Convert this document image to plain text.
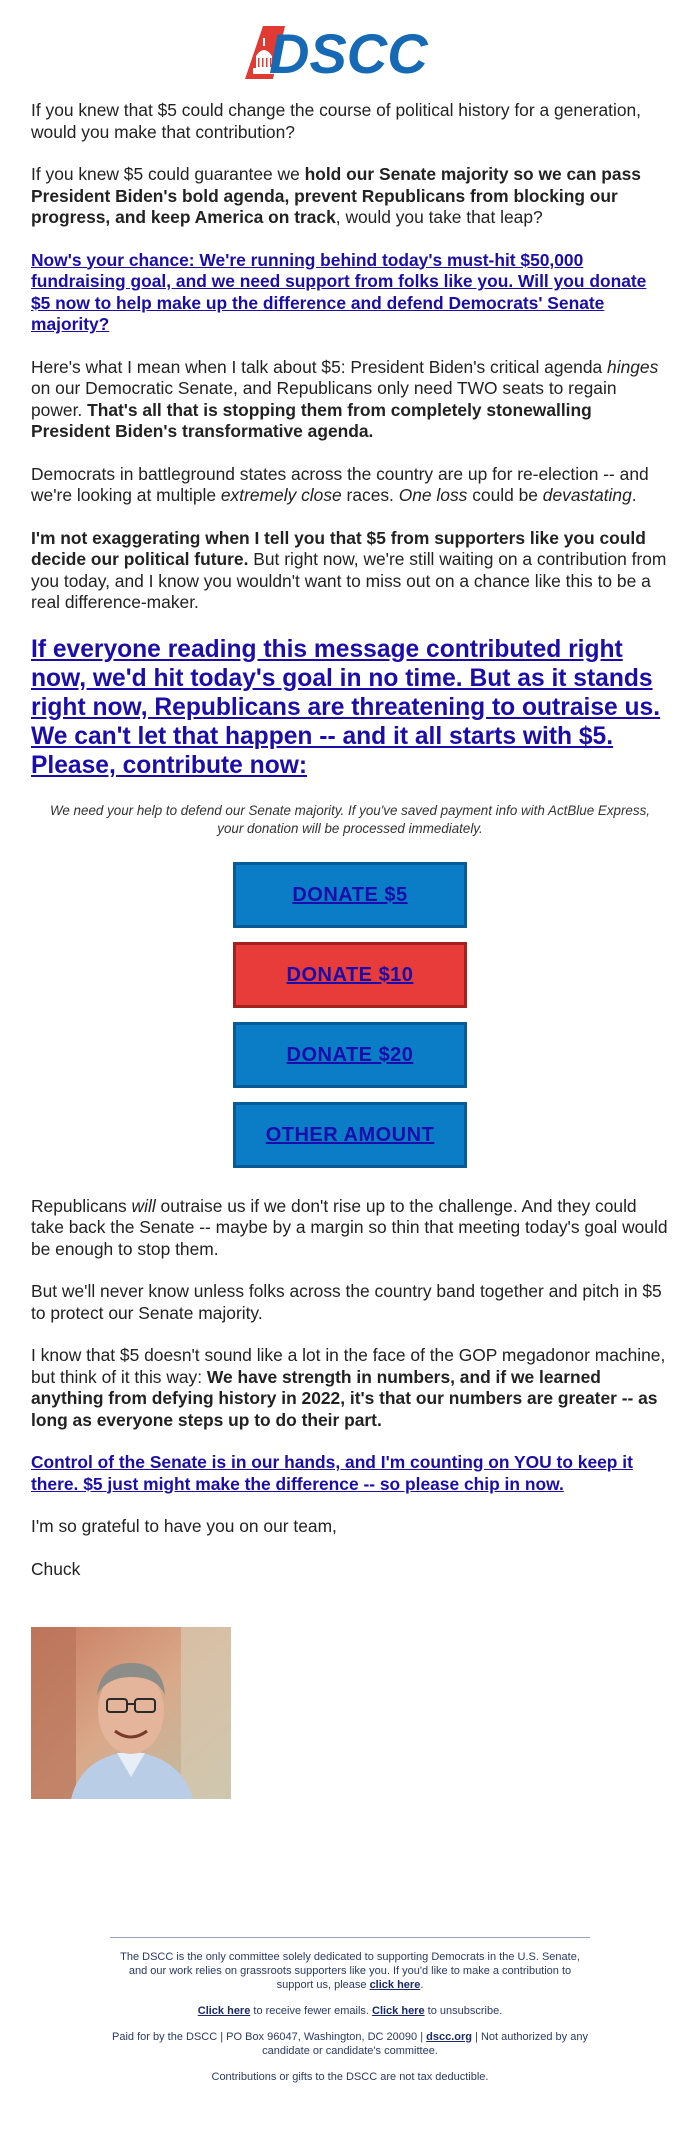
DSCC

If you knew that $5 could change the course of political history for a generation, would you make that contribution?

If you knew $5 could guarantee we hold our Senate majority so we can pass President Biden's bold agenda, prevent Republicans from blocking our progress, and keep America on track, would you take that leap?

Now's your chance: We're running behind today's must-hit $50,000 fundraising goal, and we need support from folks like you. Will you donate $5 now to help make up the difference and defend Democrats' Senate majority?

Here's what I mean when I talk about $5: President Biden's critical agenda hinges on our Democratic Senate, and Republicans only need TWO seats to regain power. That's all that is stopping them from completely stonewalling President Biden's transformative agenda.

Democrats in battleground states across the country are up for re-election -- and we're looking at multiple extremely close races. One loss could be devastating.

I'm not exaggerating when I tell you that $5 from supporters like you could decide our political future. But right now, we're still waiting on a contribution from you today, and I know you wouldn't want to miss out on a chance like this to be a real difference-maker.

If everyone reading this message contributed right now, we'd hit today's goal in no time. But as it stands right now, Republicans are threatening to outraise us. We can't let that happen -- and it all starts with $5. Please, contribute now:
We need your help to defend our Senate majority. If you've saved payment info with ActBlue Express, your donation will be processed immediately.
DONATE $5
DONATE $10
DONATE $20
OTHER AMOUNT

Republicans will outraise us if we don't rise up to the challenge. And they could take back the Senate -- maybe by a margin so thin that meeting today's goal would be enough to stop them.

But we'll never know unless folks across the country band together and pitch in $5 to protect our Senate majority.

I know that $5 doesn't sound like a lot in the face of the GOP megadonor machine, but think of it this way: We have strength in numbers, and if we learned anything from defying history in 2022, it's that our numbers are greater -- as long as everyone steps up to do their part.

Control of the Senate is in our hands, and I'm counting on YOU to keep it there. $5 just might make the difference -- so please chip in now.

I'm so grateful to have you on our team,

Chuck

The DSCC is the only committee solely dedicated to supporting Democrats in the U.S. Senate, and our work relies on grassroots supporters like you. If you'd like to make a contribution to support us, please click here.

Click here to receive fewer emails. Click here to unsubscribe.

Paid for by the DSCC | PO Box 96047, Washington, DC 20090 | dscc.org | Not authorized by any candidate or candidate's committee.

Contributions or gifts to the DSCC are not tax deductible.
